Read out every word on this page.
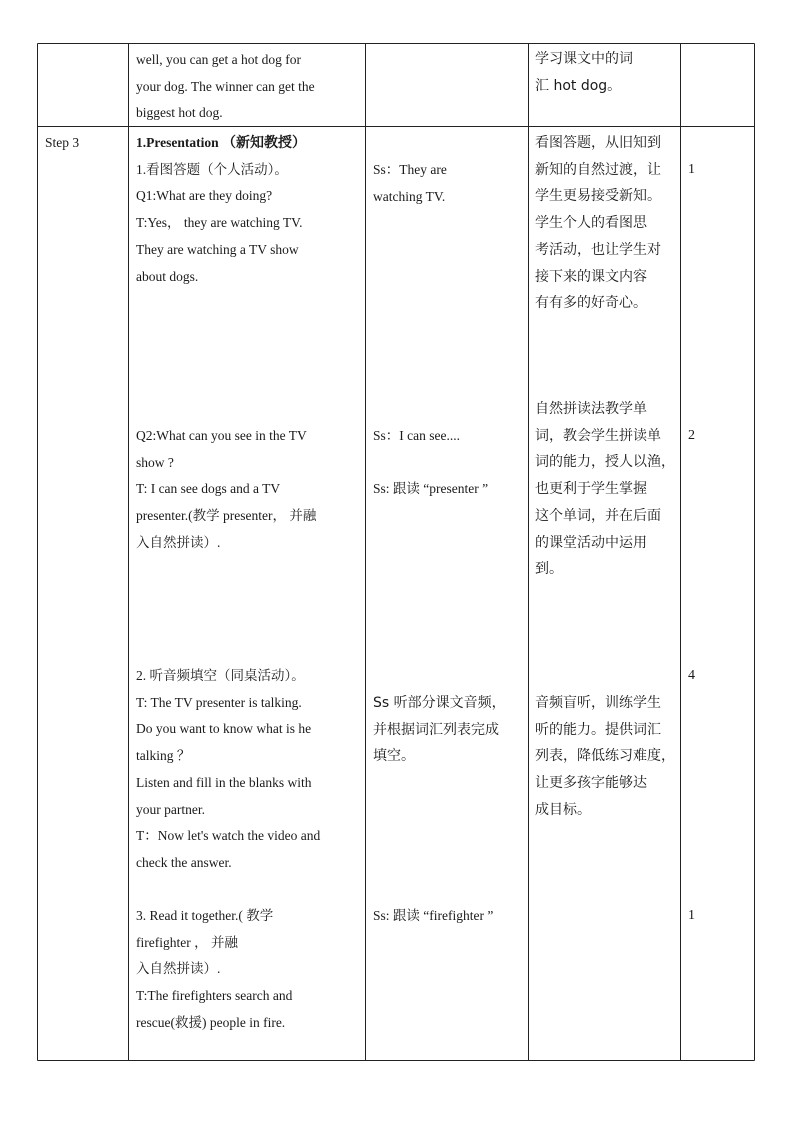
well, you can get a hot dog for
your dog. The winner can get the
biggest hot dog.
学习课文中的词
汇 hot dog。
Step 3	1.Presentation （新知教授）
1.看图答题（个人活动）。
Q1:What are they doing?
T:Yes， they are watching TV.
They are watching a TV show
about dogs.
Ss：They are
watching TV.
看图答题，从旧知到
新知的自然过渡，让
学生更易接受新知。
学生个人的看图思
考活动，也让学生对
接下来的课文内容
有有多的好奇心。
1
Q2:What can you see in the TV
show ?
T: I can see dogs and a TV
presenter.(教学 presenter， 并融
入自然拼读）.
Ss：I can see....

Ss: 跟读 “presenter ”
自然拼读法教学单
词，教会学生拼读单
词的能力，授人以渔，
也更利于学生掌握
这个单词，并在后面
的课堂活动中运用
到。
2
2. 听音频填空（同桌活动）。
T: The TV presenter is talking.
Do you want to know what is he
talking ？
Listen and fill in the blanks with
your partner.
T：Now let's watch the video and
check the answer.
Ss 听部分课文音频，
并根据词汇列表完成
填空。
音频盲听，训练学生
听的能力。提供词汇
列表，降低练习难度，
让更多孩字能够达
成目标。
4
3. Read it together.( 教学
firefighter ， 并融
入自然拼读）.
T:The firefighters search and
rescue(救援) people in fire.
Ss: 跟读 “firefighter ”	1
